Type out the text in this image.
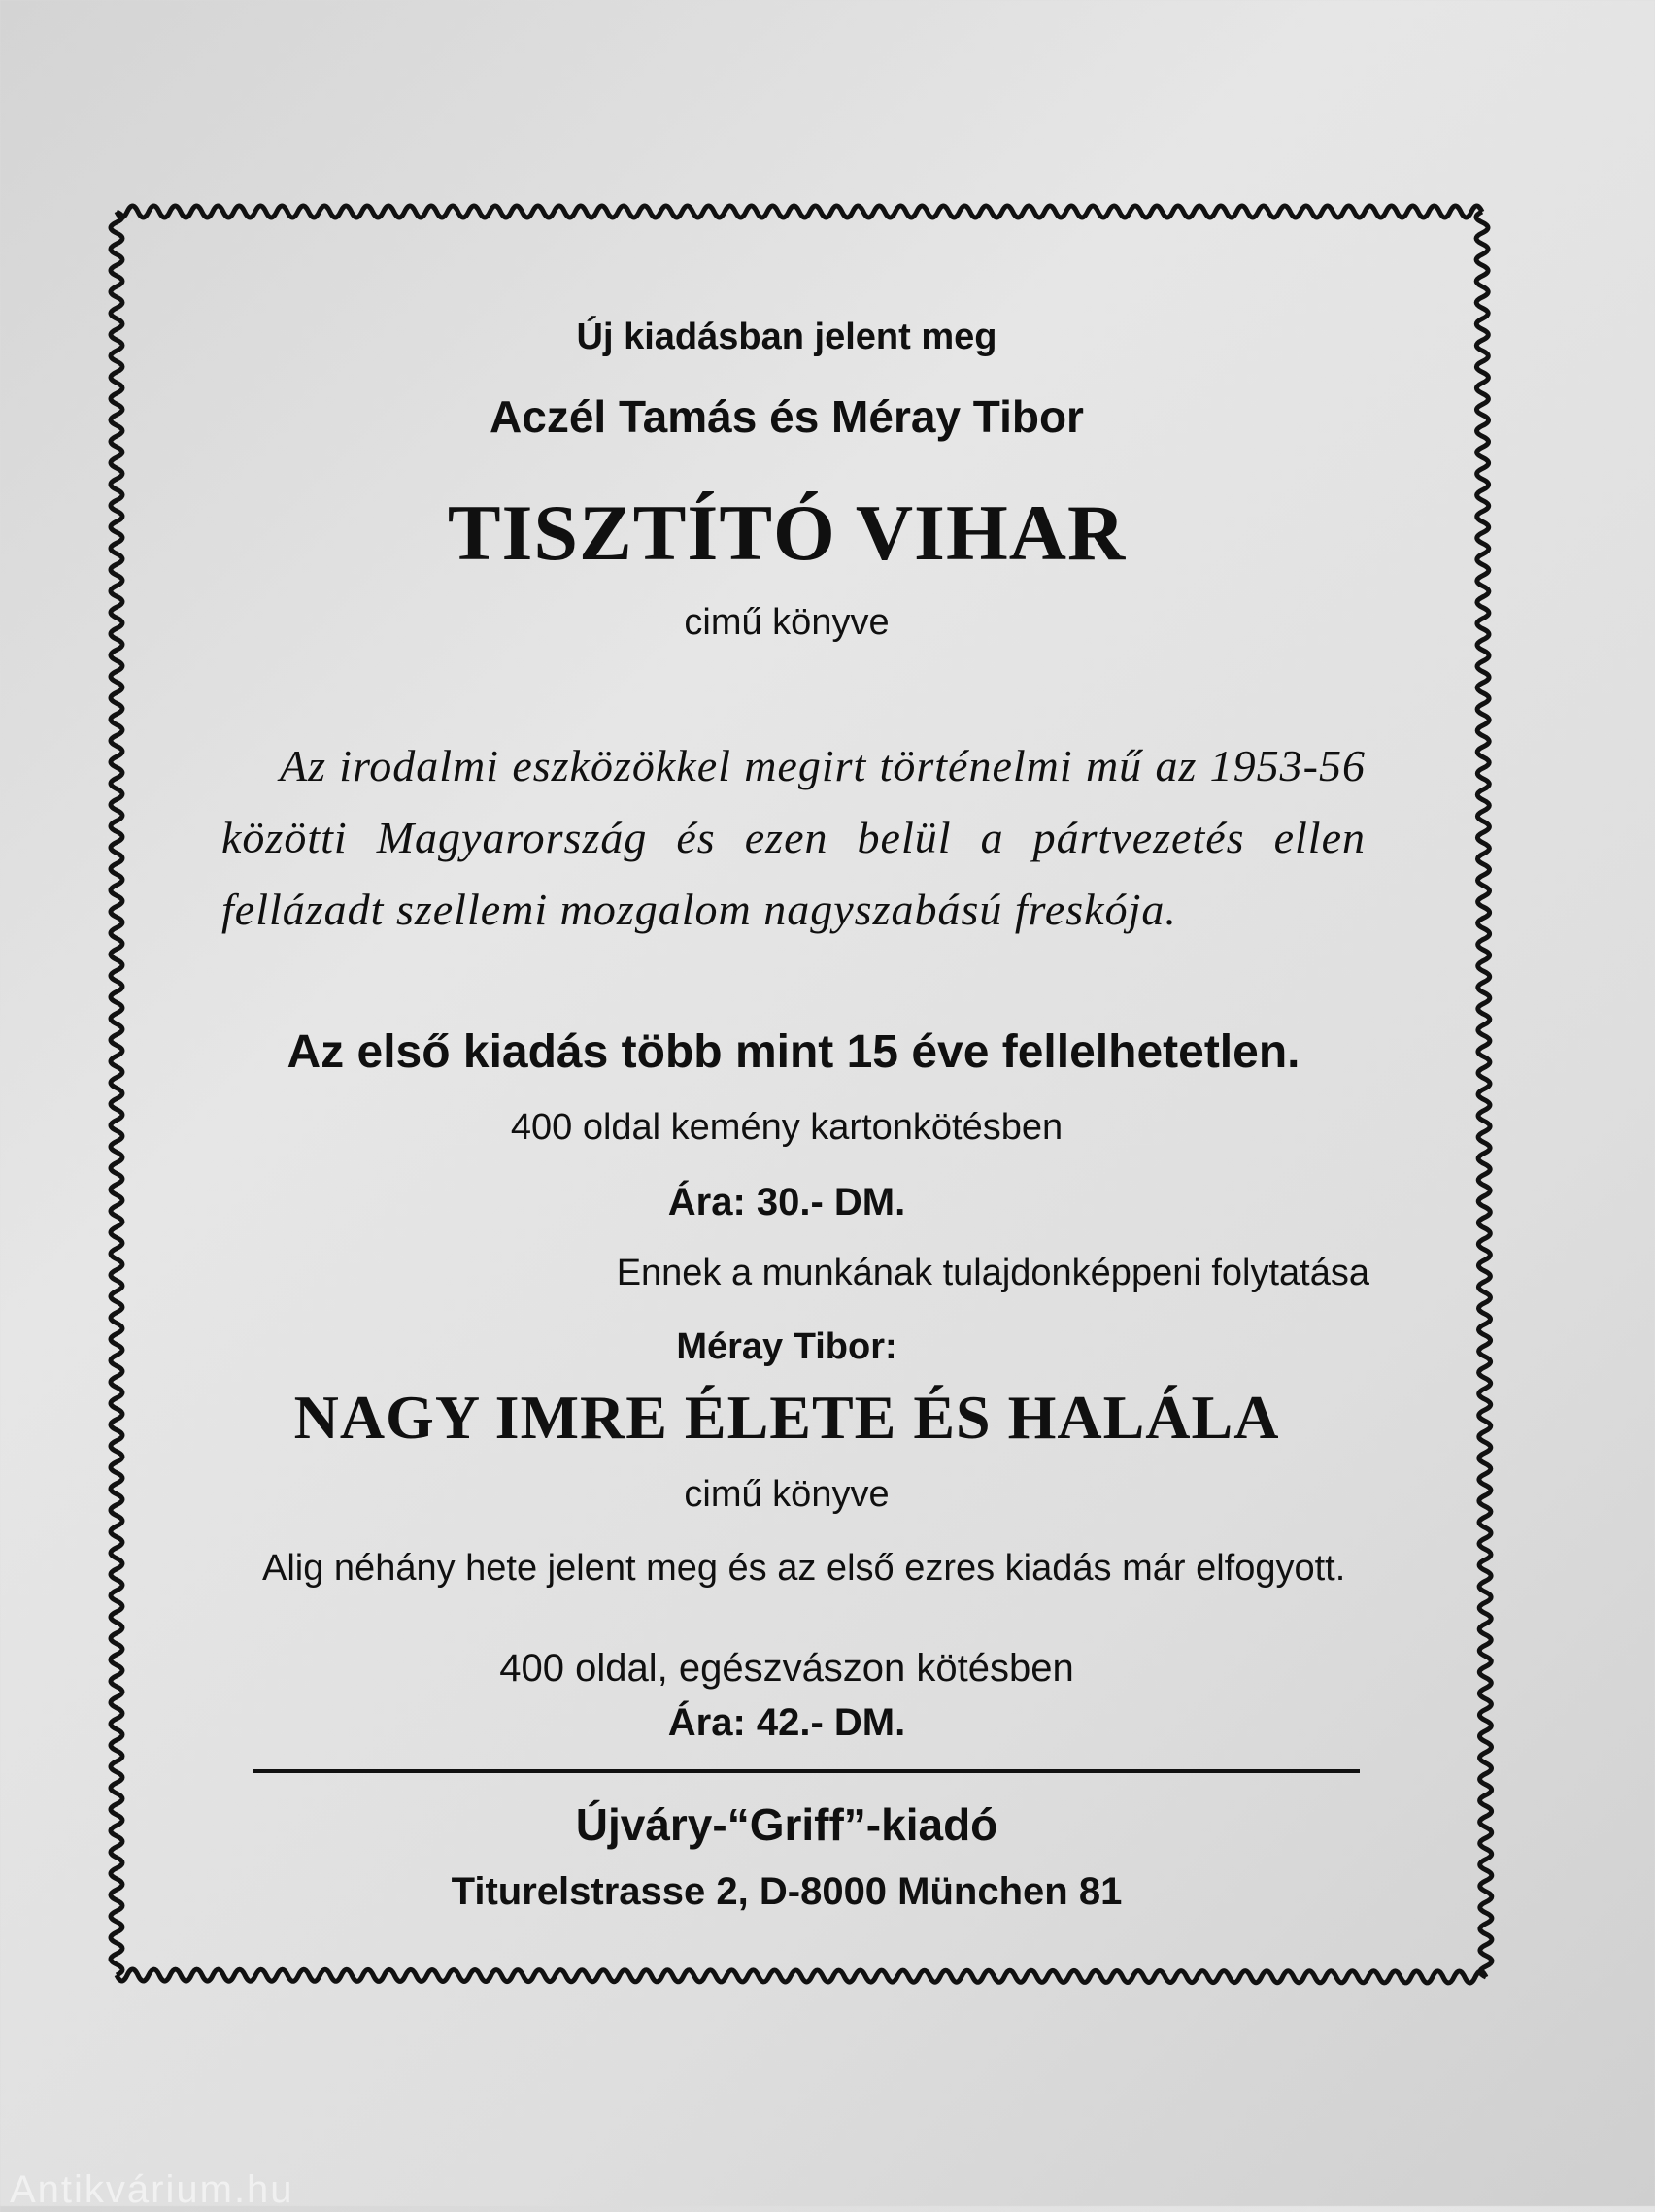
Új kiadásban jelent meg
Aczél Tamás és Méray Tibor
TISZTÍTÓ VIHAR
cimű könyve
Az irodalmi eszközökkel megirt történelmi mű az 1953-56 közötti Magyarország és ezen belül a pártvezetés ellen fellázadt szellemi mozgalom nagyszabású freskója.
Az első kiadás több mint 15 éve fellelhetetlen.
400 oldal kemény kartonkötésben
Ára: 30.- DM.
Ennek a munkának tulajdonképpeni folytatása
Méray Tibor:
NAGY IMRE ÉLETE ÉS HALÁLA
cimű könyve
Alig néhány hete jelent meg és az első ezres kiadás már elfogyott.
400 oldal, egészvászon kötésben
Ára: 42.- DM.
Újváry-“Griff”-kiadó
Titurelstrasse 2, D-8000 München 81
Antikvárium.hu
